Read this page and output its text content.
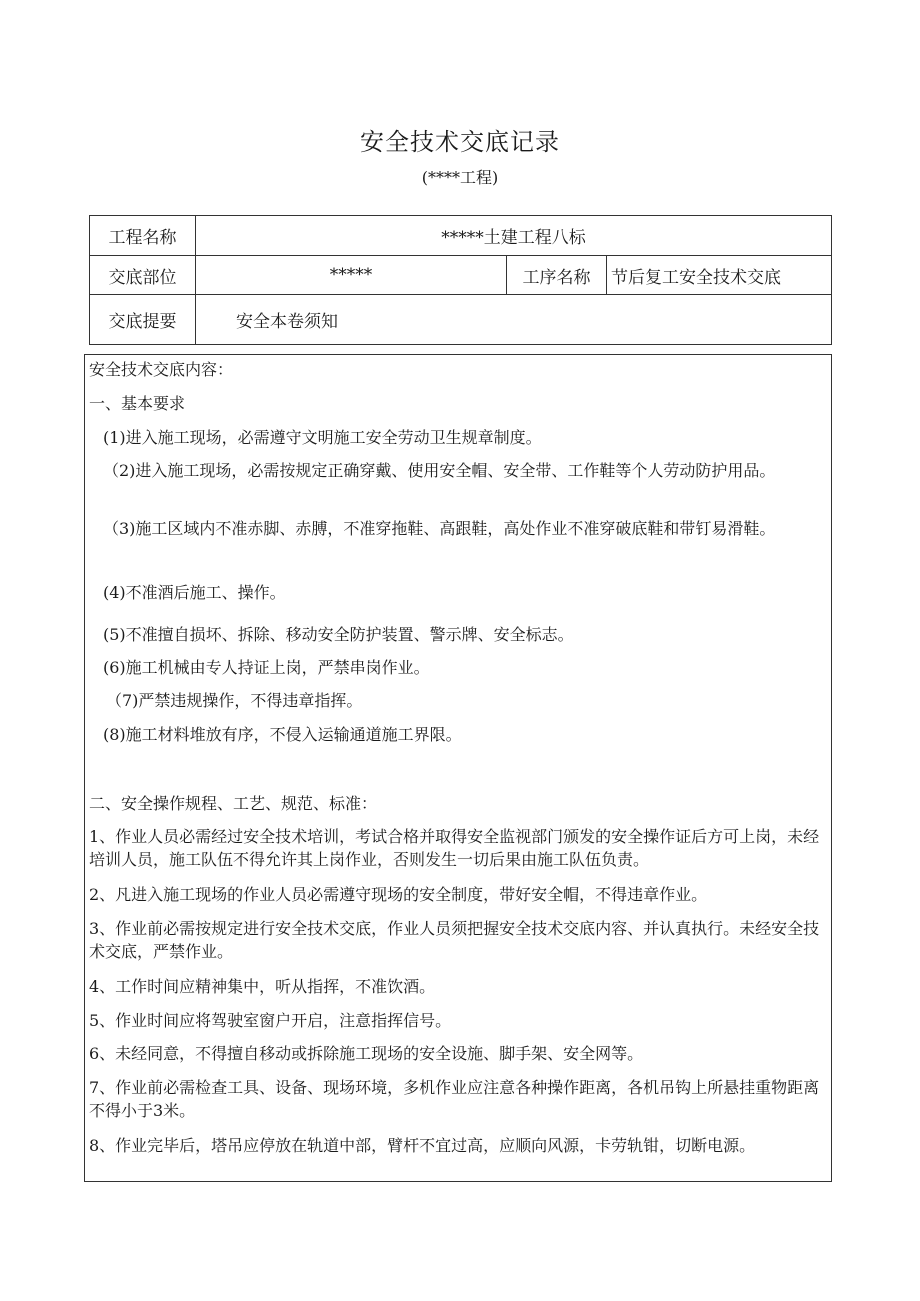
安全技术交底记录
(****工程)
工程名称	*****土建工程八标		
交底部位	*****	工序名称	节后复工安全技术交底
交底提要	安全本卷须知		

安全技术交底内容：

一、基本要求

(1)进入施工现场，必需遵守文明施工安全劳动卫生规章制度。

（2)进入施工现场，必需按规定正确穿戴、使用安全帽、安全带、工作鞋等个人劳动防护用品。

（3)施工区域内不准赤脚、赤膊，不准穿拖鞋、高跟鞋，高处作业不准穿破底鞋和带钉易滑鞋。

(4)不准酒后施工、操作。

(5)不准擅自损坏、拆除、移动安全防护装置、警示牌、安全标志。

(6)施工机械由专人持证上岗，严禁串岗作业。

（7)严禁违规操作，不得违章指挥。

(8)施工材料堆放有序，不侵入运输通道施工界限。

二、安全操作规程、工艺、规范、标准：

1、作业人员必需经过安全技术培训，考试合格并取得安全监视部门颁发的安全操作证后方可上岗，未经培训人员，施工队伍不得允许其上岗作业，否则发生一切后果由施工队伍负责。

2、凡进入施工现场的作业人员必需遵守现场的安全制度，带好安全帽，不得违章作业。

3、作业前必需按规定进行安全技术交底，作业人员须把握安全技术交底内容、并认真执行。未经安全技术交底，严禁作业。

4、工作时间应精神集中，听从指挥，不准饮酒。

5、作业时间应将驾驶室窗户开启，注意指挥信号。

6、未经同意，不得擅自移动或拆除施工现场的安全设施、脚手架、安全网等。

7、作业前必需检查工具、设备、现场环境，多机作业应注意各种操作距离，各机吊钩上所悬挂重物距离不得小于3米。

8、作业完毕后，塔吊应停放在轨道中部，臂杆不宜过高，应顺向风源，卡劳轨钳，切断电源。
